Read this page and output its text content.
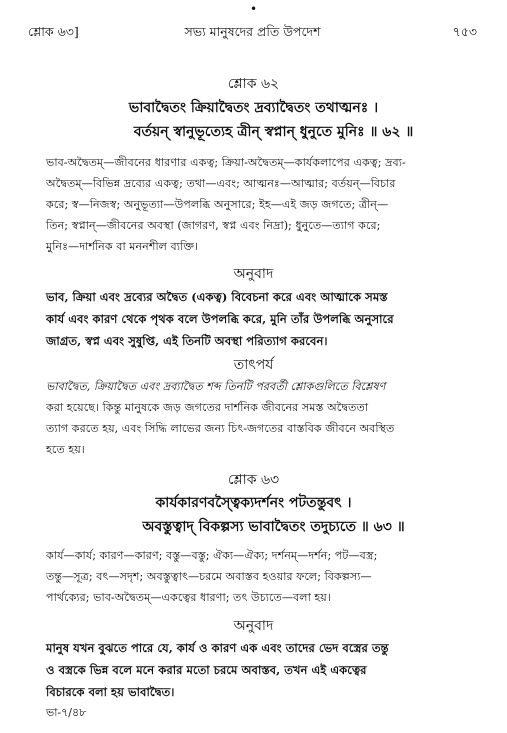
•
শ্লোক ৬৩]	সভ্য মানুষদের প্রতি উপদেশ	৭৫৩
শ্লোক ৬২
ভাবাদ্বৈতং ক্রিয়াদ্বৈতং দ্রব্যাদ্বৈতং তথাত্মনঃ ।
বর্তয়ন্ স্বানুভূত্যেহ ত্রীন্ স্বপ্নান্ ধুনুতে মুনিঃ ॥ ৬২ ॥
ভাব-অদ্বৈতম্—জীবনের ধারণার একত্ব; ক্রিয়া-অদ্বৈতম্—কার্যকলাপের একত্ব; দ্রব্য-
অদ্বৈতম্—বিভিন্ন দ্রব্যের একত্ব; তথা—এবং; আত্মনঃ—আত্মার; বর্তয়ন্—বিচার
করে; স্ব—নিজস্ব; অনুভূত্যা—উপলব্ধি অনুসারে; ইহ—এই জড় জগতে; ত্রীন্—
তিন; স্বপ্নান্—জীবনের অবস্থা (জাগরণ, স্বপ্ন এবং নিদ্রা); ধুনুতে—ত্যাগ করে;
মুনিঃ—দার্শনিক বা মননশীল ব্যক্তি।
অনুবাদ
ভাব, ক্রিয়া এবং দ্রব্যের অদ্বৈত (একত্ব) বিবেচনা করে এবং আত্মাকে সমস্ত
কার্য এবং কারণ থেকে পৃথক বলে উপলব্ধি করে, মুনি তাঁর উপলব্ধি অনুসারে
জাগ্রত, স্বপ্ন এবং সুষুপ্তি, এই তিনটি অবস্থা পরিত্যাগ করবেন।
তাৎপর্য
ভাবাদ্বৈত, ক্রিয়াদ্বৈত এবং দ্রব্যাদ্বৈত শব্দ তিনটি পরবর্তী শ্লোকগুলিতে বিশ্লেষণ
করা হয়েছে। কিন্তু মানুষকে জড় জগতের দার্শনিক জীবনের সমস্ত অদ্বৈততা
ত্যাগ করতে হয়, এবং সিদ্ধি লাভের জন্য চিৎ-জগতের বাস্তবিক জীবনে অবস্থিত
হতে হয়।
শ্লোক ৬৩
কার্যকারণবস্ত্বৈক্যদর্শনং পটতন্তুবৎ ।
অবস্তুত্বাদ্ বিকল্পস্য ভাবাদ্বৈতং তদুচ্যতে ॥ ৬৩ ॥
কার্য—কার্য; কারণ—কারণ; বস্তু—বস্তু; ঐক্য—ঐক্য; দর্শনম্—দর্শন; পট—বস্ত্র;
তন্তু—সূত্র; বৎ—সদৃশ; অবস্তুত্বাৎ—চরমে অবাস্তব হওয়ার ফলে; বিকল্পস্য—
পার্থক্যের; ভাব-অদ্বৈতম্—একত্বের ধারণা; তৎ উচ্যতে—বলা হয়।
অনুবাদ
মানুষ যখন বুঝতে পারে যে, কার্য ও কারণ এক এবং তাদের ভেদ বস্ত্রের তন্তু
ও বস্ত্রকে ভিন্ন বলে মনে করার মতো চরমে অবাস্তব, তখন এই একত্বের
বিচারকে বলা হয় ভাবাদ্বৈত।
ভা-৭/৪৮
